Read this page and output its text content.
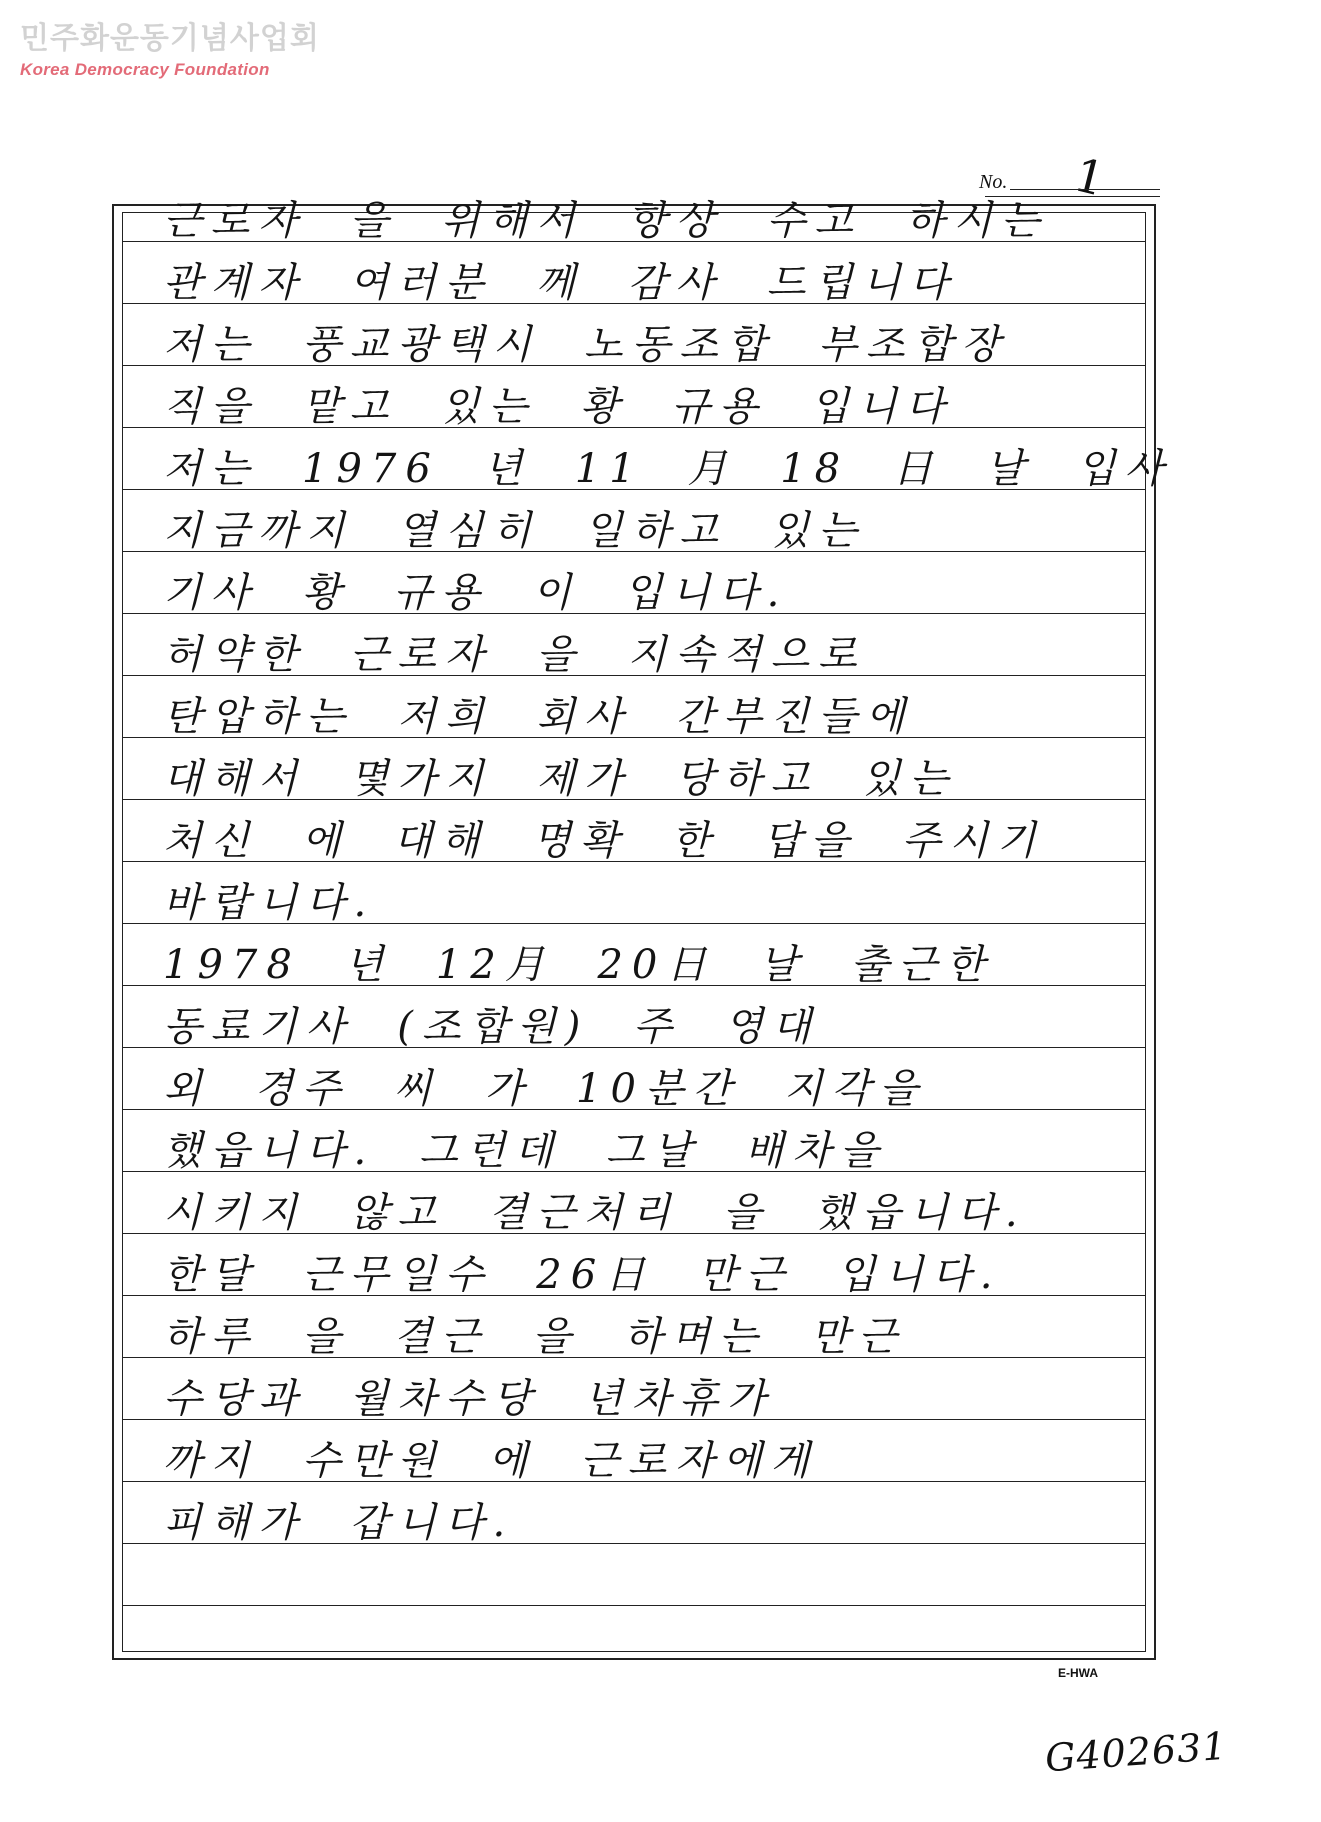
민주화운동기념사업회
Korea Democracy Foundation
No. 1
근로자 을 위해서 항상 수고 하시는
관계자 여러분 께 감사 드립니다
저는 풍교광택시 노동조합 부조합장
직을 맡고 있는 황 규용 입니다
저는 1976 년 11 月 18 日 날 입사
지금까지 열심히 일하고 있는
기사 황 규용 이 입니다.
허약한 근로자 을 지속적으로
탄압하는 저희 회사 간부진들에
대해서 몇가지 제가 당하고 있는
처신 에 대해 명확 한 답을 주시기
바랍니다.
1978 년 12月 20日 날 출근한
동료기사 (조합원) 주 영대
외 경주 씨 가 10분간 지각을
했읍니다. 그런데 그날 배차을
시키지 않고 결근처리 을 했읍니다.
한달 근무일수 26日 만근 입니다.
하루 을 결근 을 하며는 만근
수당과 월차수당 년차휴가
까지 수만원 에 근로자에게
피해가 갑니다.
E-HWA
G402631
